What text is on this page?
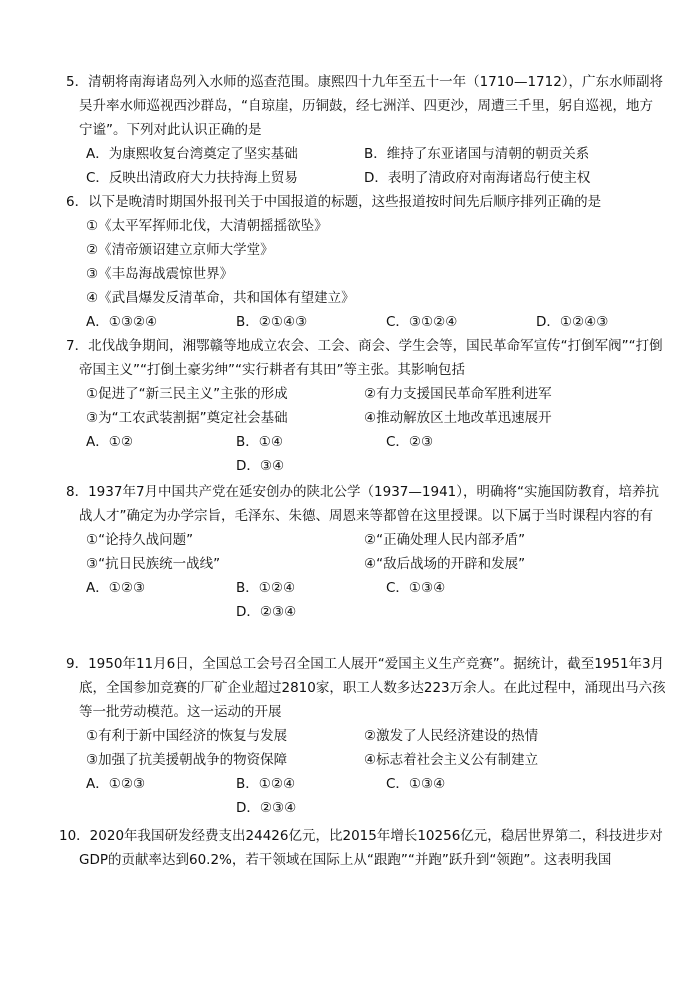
5．清朝将南海诸岛列入水师的巡查范围。康熙四十九年至五十一年（1710—1712），广东水师副将吴升率水师巡视西沙群岛，“自琼崖，历铜鼓，经七洲洋、四更沙，周遭三千里，躬自巡视，地方宁谧”。下列对此认识正确的是
A．为康熙收复台湾奠定了坚实基础	B．维持了东亚诸国与清朝的朝贡关系
C．反映出清政府大力扶持海上贸易	D．表明了清政府对南海诸岛行使主权
6．以下是晚清时期国外报刊关于中国报道的标题，这些报道按时间先后顺序排列正确的是
①《太平军挥师北伐，大清朝摇摇欲坠》
②《清帝颁诏建立京师大学堂》
③《丰岛海战震惊世界》
④《武昌爆发反清革命，共和国体有望建立》
A．①③②④	B．②①④③	C．③①②④	D．①②④③
7．北伐战争期间，湘鄂赣等地成立农会、工会、商会、学生会等，国民革命军宣传“打倒军阀”“打倒帝国主义”“打倒土豪劣绅”“实行耕者有其田”等主张。其影响包括
①促进了“新三民主义”主张的形成	②有力支援国民革命军胜利进军
③为“工农武装割据”奠定社会基础	④推动解放区土地改革迅速展开
A．①②	B．①④	C．②③
D．③④
8．1937年7月中国共产党在延安创办的陕北公学（1937—1941），明确将“实施国防教育，培养抗战人才”确定为办学宗旨，毛泽东、朱德、周恩来等都曾在这里授课。以下属于当时课程内容的有
①“论持久战问题”	②“正确处理人民内部矛盾”
③“抗日民族统一战线”	④“敌后战场的开辟和发展”
A．①②③	B．①②④	C．①③④
D．②③④
9．1950年11月6日，全国总工会号召全国工人展开“爱国主义生产竞赛”。据统计，截至1951年3月底，全国参加竞赛的厂矿企业超过2810家，职工人数多达223万余人。在此过程中，涌现出马六孩等一批劳动模范。这一运动的开展
①有利于新中国经济的恢复与发展	②激发了人民经济建设的热情
③加强了抗美援朝战争的物资保障	④标志着社会主义公有制建立
A．①②③	B．①②④	C．①③④
D．②③④
10．2020年我国研发经费支出24426亿元，比2015年增长10256亿元，稳居世界第二，科技进步对GDP的贡献率达到60.2%，若干领域在国际上从“跟跑”“并跑”跃升到“领跑”。这表明我国
